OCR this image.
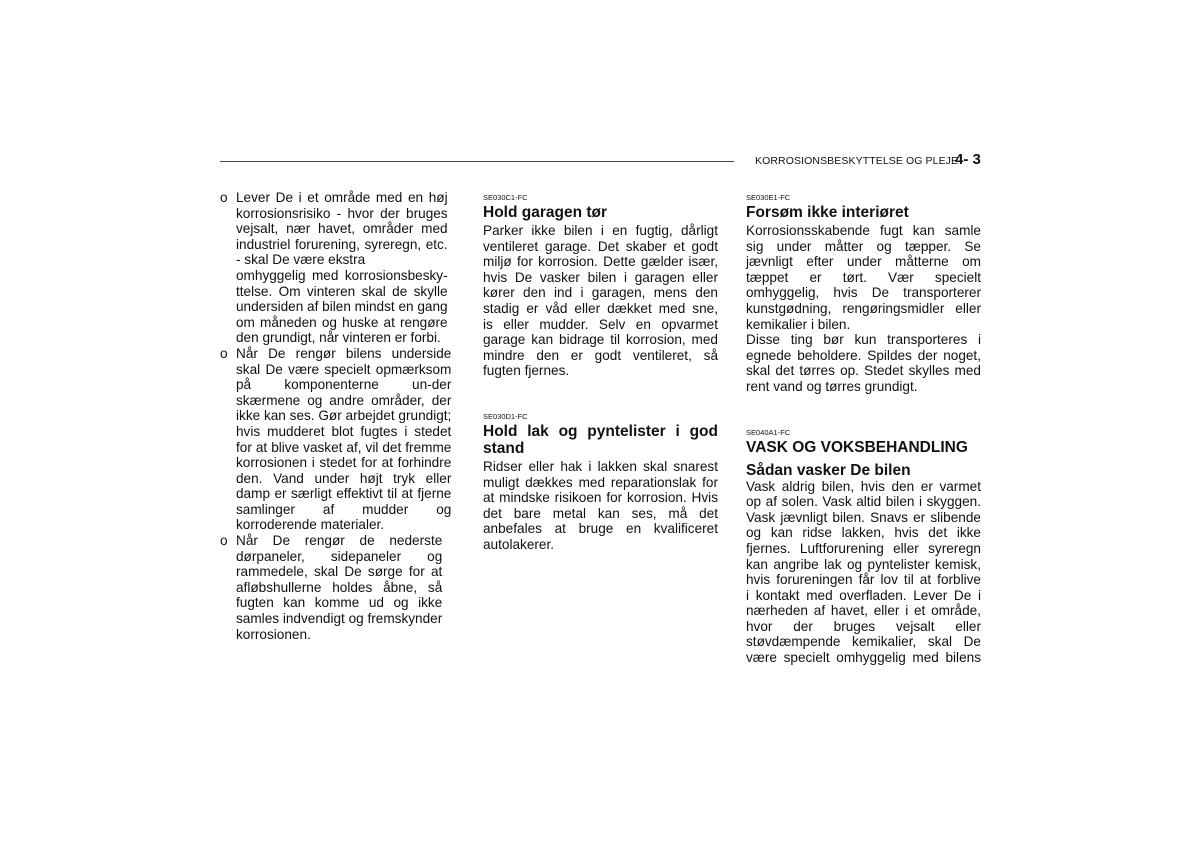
KORROSIONSBESKYTTELSE OG PLEJE
4- 3
o Lever De i et område med en høj
korrosionsrisiko - hvor der bruges
vejsalt, nær havet, områder med
industriel forurening, syreregn, etc.
- skal De være ekstra
omhyggelig med korrosionsbesky-
ttelse. Om vinteren skal de skylle
undersiden af bilen mindst en gang
om måneden og huske at rengøre
den grundigt, når vinteren er forbi.
o Når De rengør bilens underside
skal De være specielt opmærksom
på komponenterne un-der
skærmene og andre områder, der
ikke kan ses. Gør arbejdet grundigt;
hvis mudderet blot fugtes i stedet
for at blive vasket af, vil det fremme
korrosionen i stedet for at forhindre
den. Vand under højt tryk eller
damp er særligt effektivt til at fjerne
samlinger af mudder og
korroderende materialer.
o Når De rengør de nederste
dørpaneler, sidepaneler og
rammedele, skal De sørge for at
afløbshullerne holdes åbne, så
fugten kan komme ud og ikke
samles indvendigt og fremskynder
korrosionen.
SE030C1-FC
Hold garagen tør
Parker ikke bilen i en fugtig, dårligt
ventileret garage. Det skaber et godt
miljø for korrosion. Dette gælder især,
hvis De vasker bilen i garagen eller
kører den ind i garagen, mens den
stadig er våd eller dækket med sne,
is eller mudder. Selv en opvarmet
garage kan bidrage til korrosion, med
mindre den er godt ventileret, så
fugten fjernes.
SE030D1-FC
Hold lak og pyntelister i god
stand
Ridser eller hak i lakken skal snarest
muligt dækkes med reparationslak for
at mindske risikoen for korrosion. Hvis
det bare metal kan ses, må det
anbefales at bruge en kvalificeret
autolakerer.
SE030E1-FC
Forsøm ikke interiøret
Korrosionsskabende fugt kan samle
sig under måtter og tæpper. Se
jævnligt efter under måtterne om
tæppet er tørt. Vær specielt
omhyggelig, hvis De transporterer
kunstgødning, rengøringsmidler eller
kemikalier i bilen.
Disse ting bør kun transporteres i
egnede beholdere. Spildes der noget,
skal det tørres op. Stedet skylles med
rent vand og tørres grundigt.
SE040A1-FC
VASK OG VOKSBEHANDLING
Sådan vasker De bilen
Vask aldrig bilen, hvis den er varmet
op af solen. Vask altid bilen i skyggen.
Vask jævnligt bilen. Snavs er slibende
og kan ridse lakken, hvis det ikke
fjernes. Luftforurening eller syreregn
kan angribe lak og pyntelister kemisk,
hvis forureningen får lov til at forblive
i kontakt med overfladen. Lever De i
nærheden af havet, eller i et område,
hvor der bruges vejsalt eller
støvdæmpende kemikalier, skal De
være specielt omhyggelig med bilens
